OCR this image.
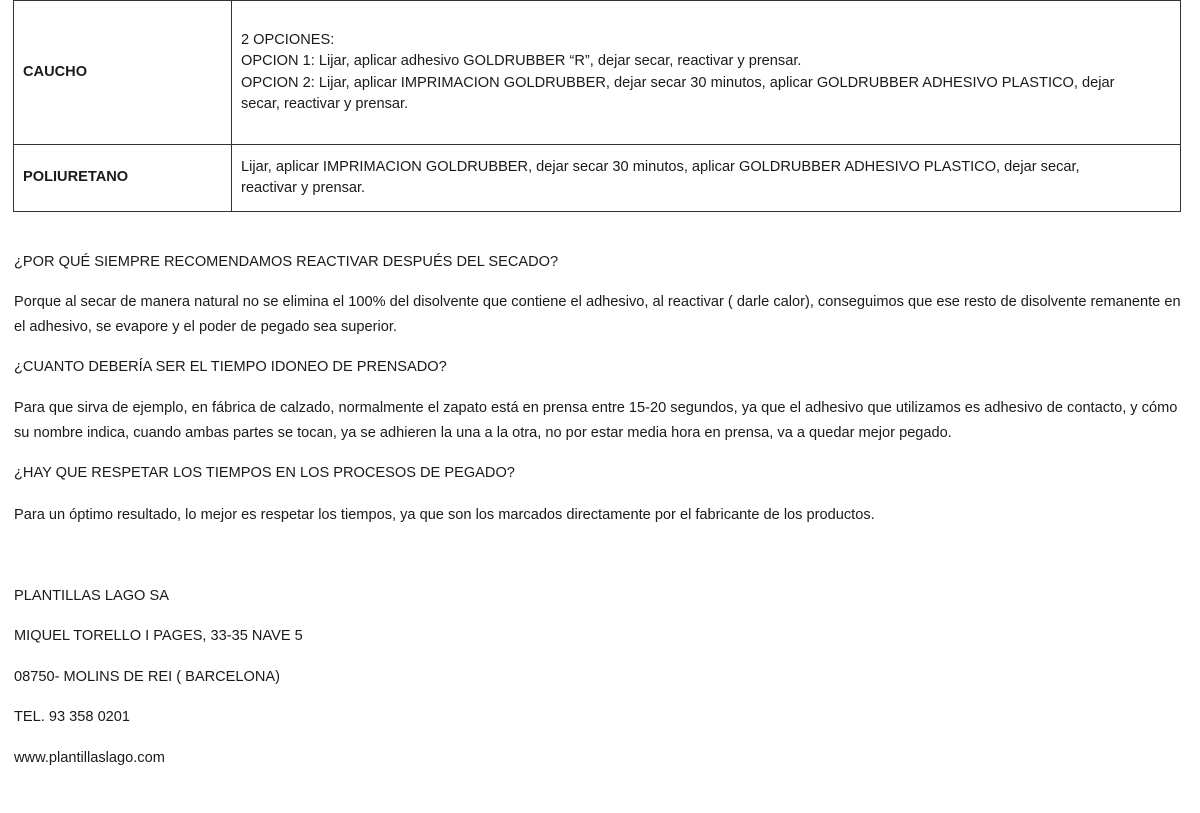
CAUCHO	2 OPCIONES:
OPCION 1: Lijar, aplicar adhesivo GOLDRUBBER “R”, dejar secar, reactivar y prensar.
OPCION 2: Lijar, aplicar IMPRIMACION GOLDRUBBER, dejar secar 30 minutos, aplicar GOLDRUBBER ADHESIVO PLASTICO, dejar
secar, reactivar y prensar.

POLIURETANO	Lijar, aplicar IMPRIMACION GOLDRUBBER, dejar secar 30 minutos, aplicar GOLDRUBBER ADHESIVO PLASTICO, dejar secar,
reactivar y prensar.

¿POR QUÉ SIEMPRE RECOMENDAMOS REACTIVAR DESPUÉS DEL SECADO?

Porque al secar de manera natural no se elimina el 100% del disolvente que contiene el adhesivo, al reactivar ( darle calor), conseguimos que ese resto de disolvente remanente en el adhesivo, se evapore y el poder de pegado sea superior.

¿CUANTO DEBERÍA SER EL TIEMPO IDONEO DE PRENSADO?

Para que sirva de ejemplo, en fábrica de calzado, normalmente el zapato está en prensa entre 15-20 segundos, ya que el adhesivo que utilizamos es adhesivo de contacto, y cómo su nombre indica, cuando ambas partes se tocan, ya se adhieren la una a la otra, no por estar media hora en prensa, va a quedar mejor pegado.

¿HAY QUE RESPETAR LOS TIEMPOS EN LOS PROCESOS DE PEGADO?

Para un óptimo resultado, lo mejor es respetar los tiempos, ya que son los marcados directamente por el fabricante de los productos.

PLANTILLAS LAGO SA

MIQUEL TORELLO I PAGES, 33-35 NAVE 5

08750- MOLINS DE REI ( BARCELONA)

TEL. 93 358 0201

www.plantillaslago.com
